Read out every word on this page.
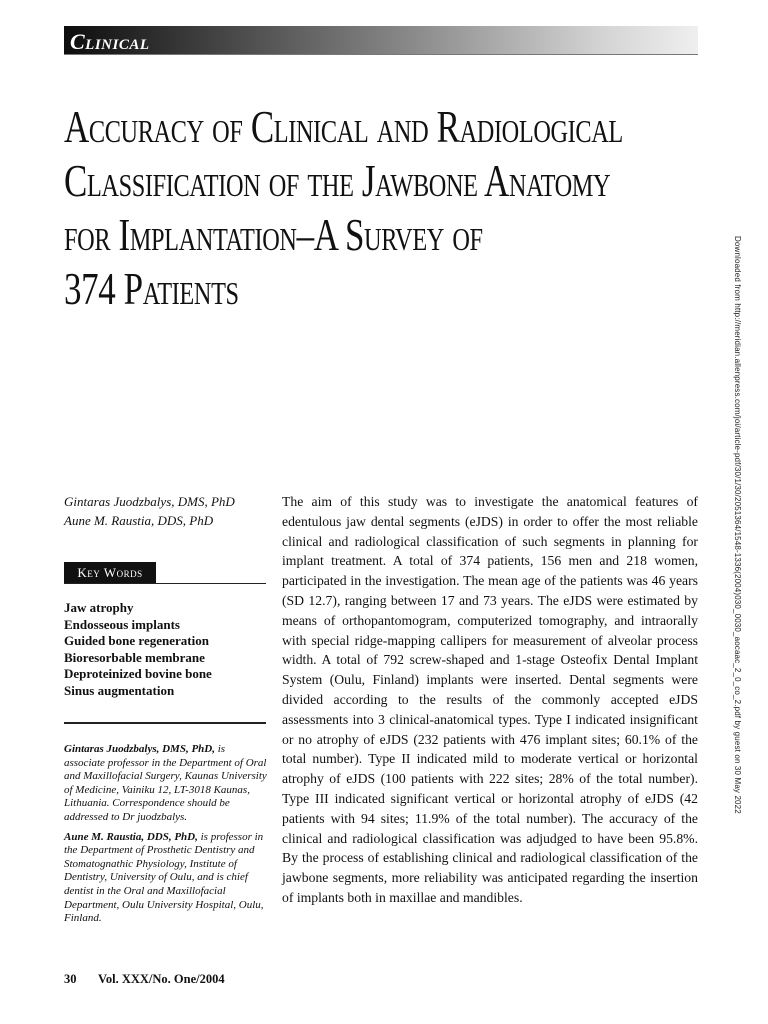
Clinical
Accuracy of Clinical and Radiological
Classification of the Jawbone Anatomy
for Implantation–A Survey of
374 Patients
Gintaras Juodzbalys, DMS, PhD
Aune M. Raustia, DDS, PhD
Key Words
Jaw atrophy
Endosseous implants
Guided bone regeneration
Bioresorbable membrane
Deproteinized bovine bone
Sinus augmentation
Gintaras Juodzbalys, DMS, PhD, is associate professor in the Department of Oral and Maxillofacial Surgery, Kaunas University of Medicine, Vainiku 12, LT-3018 Kaunas, Lithuania. Correspondence should be addressed to Dr juodzbalys.
Aune M. Raustia, DDS, PhD, is professor in the Department of Prosthetic Dentistry and Stomatognathic Physiology, Institute of Dentistry, University of Oulu, and is chief dentist in the Oral and Maxillofacial Department, Oulu University Hospital, Oulu, Finland.

The aim of this study was to investigate the anatomical features of edentulous jaw dental segments (eJDS) in order to offer the most reliable clinical and radiological classification of such segments in planning for implant treatment. A total of 374 patients, 156 men and 218 women, participated in the investigation. The mean age of the patients was 46 years (SD 12.7), ranging between 17 and 73 years. The eJDS were estimated by means of orthopantomogram, computerized tomography, and intraorally with special ridge-mapping callipers for measurement of alveolar process width. A total of 792 screw-shaped and 1-stage Osteofix Dental Implant System (Oulu, Finland) implants were inserted. Dental segments were divided according to the results of the commonly accepted eJDS assessments into 3 clinical-anatomical types. Type I indicated insignificant or no atrophy of eJDS (232 patients with 476 implant sites; 60.1% of the total number). Type II indicated mild to moderate vertical or horizontal atrophy of eJDS (100 patients with 222 sites; 28% of the total number). Type III indicated significant vertical or horizontal atrophy of eJDS (42 patients with 94 sites; 11.9% of the total number). The accuracy of the clinical and radiological classification was adjudged to have been 95.8%. By the process of establishing clinical and radiological classification of the jawbone segments, more reliability was anticipated regarding the insertion of implants both in maxillae and mandibles.

30 Vol. XXX/No. One/2004
Downloaded from http://meridian.allenpress.com/joi/article-pdf/30/1/30/2051364/1548-1336(2004)030_0030_aocaac_2_0_co_2.pdf by guest on 30 May 2022
